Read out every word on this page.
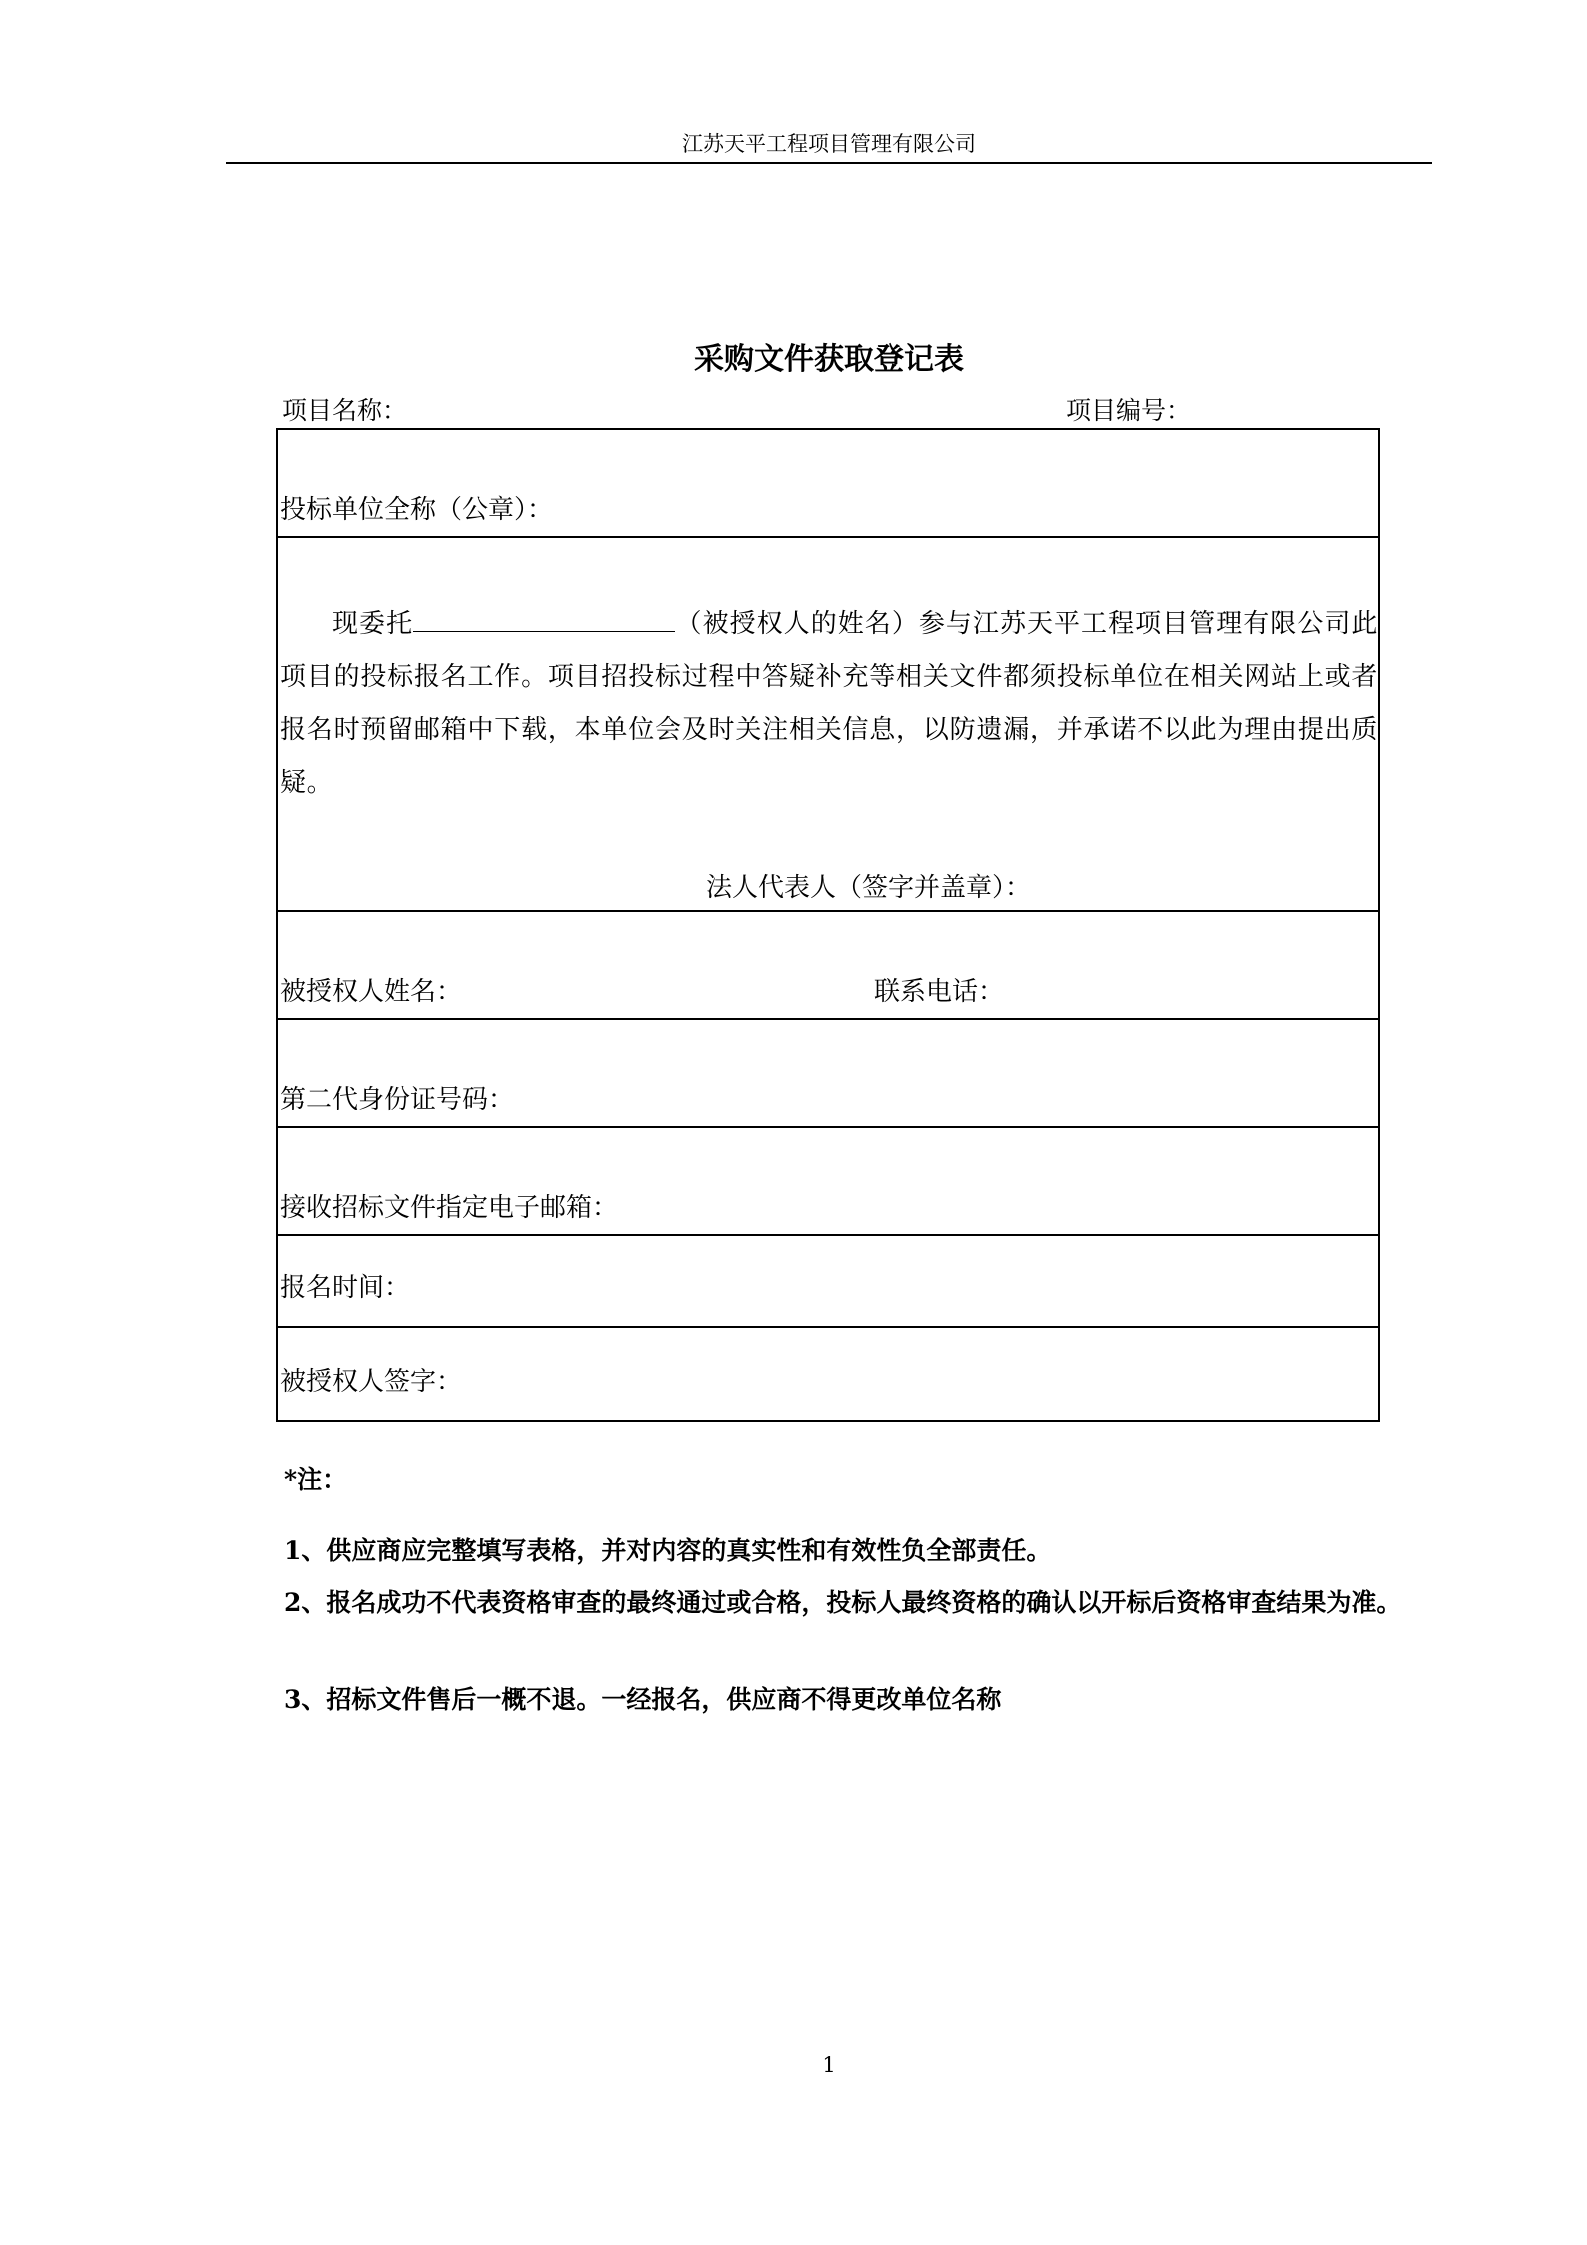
江苏天平工程项目管理有限公司
采购文件获取登记表
项目名称：	项目编号：
投标单位全称（公章）：
现委托	（被授权人的姓名）参与江苏天平工程项目管理有限公司此项目的投标报名工作。项目招投标过程中答疑补充等相关文件都须投标单位在相关网站上或者报名时预留邮箱中下载，本单位会及时关注相关信息，以防遗漏，并承诺不以此为理由提出质疑。
法人代表人（签字并盖章）：
被授权人姓名：	联系电话：
第二代身份证号码：
接收招标文件指定电子邮箱：
报名时间：
被授权人签字：
*注：
1、供应商应完整填写表格，并对内容的真实性和有效性负全部责任。
2、报名成功不代表资格审查的最终通过或合格，投标人最终资格的确认以开标后资格审查结果为准。
3、招标文件售后一概不退。一经报名，供应商不得更改单位名称
1
